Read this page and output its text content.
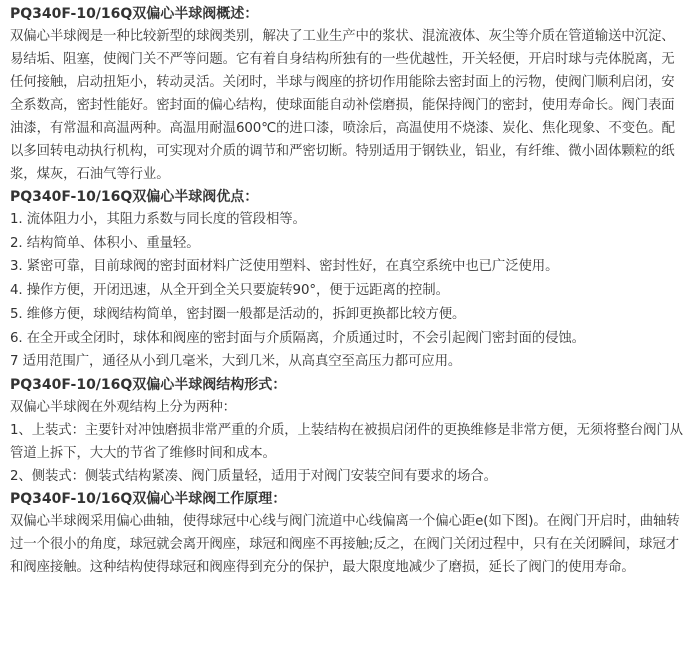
PQ340F-10/16Q双偏心半球阀概述：

双偏心半球阀是一种比较新型的球阀类别，解决了工业生产中的浆状、混流液体、灰尘等介质在管道输送中沉淀、易结垢、阻塞，使阀门关不严等问题。它有着自身结构所独有的一些优越性，开关轻便，开启时球与壳体脱离，无任何接触，启动扭矩小，转动灵活。关闭时，半球与阀座的挤切作用能除去密封面上的污物，使阀门顺利启闭，安全系数高，密封性能好。密封面的偏心结构，使球面能自动补偿磨损，能保持阀门的密封，使用寿命长。阀门表面油漆，有常温和高温两种。高温用耐温600℃的进口漆，喷涂后，高温使用不烧漆、炭化、焦化现象、不变色。配以多回转电动执行机构，可实现对介质的调节和严密切断。特别适用于钢铁业，铝业，有纤维、微小固体颗粒的纸浆，煤灰，石油气等行业。

PQ340F-10/16Q双偏心半球阀优点：

1. 流体阻力小，其阻力系数与同长度的管段相等。

2. 结构简单、体积小、重量轻。

3. 紧密可靠，目前球阀的密封面材料广泛使用塑料、密封性好，在真空系统中也已广泛使用。

4. 操作方便，开闭迅速，从全开到全关只要旋转90°，便于远距离的控制。

5. 维修方便，球阀结构简单，密封圈一般都是活动的，拆卸更换都比较方便。

6. 在全开或全闭时，球体和阀座的密封面与介质隔离，介质通过时，不会引起阀门密封面的侵蚀。

7 适用范围广，通径从小到几毫米，大到几米，从高真空至高压力都可应用。

PQ340F-10/16Q双偏心半球阀结构形式：

双偏心半球阀在外观结构上分为两种：

1、上装式：主要针对冲蚀磨损非常严重的介质，上装结构在被损启闭件的更换维修是非常方便，无须将整台阀门从管道上拆下，大大的节省了维修时间和成本。

2、侧装式：侧装式结构紧凑、阀门质量轻，适用于对阀门安装空间有要求的场合。

PQ340F-10/16Q双偏心半球阀工作原理：

双偏心半球阀采用偏心曲轴，使得球冠中心线与阀门流道中心线偏离一个偏心距e(如下图)。在阀门开启时，曲轴转过一个很小的角度，球冠就会离开阀座，球冠和阀座不再接触;反之，在阀门关闭过程中，只有在关闭瞬间，球冠才和阀座接触。这种结构使得球冠和阀座得到充分的保护，最大限度地减少了磨损，延长了阀门的使用寿命。
